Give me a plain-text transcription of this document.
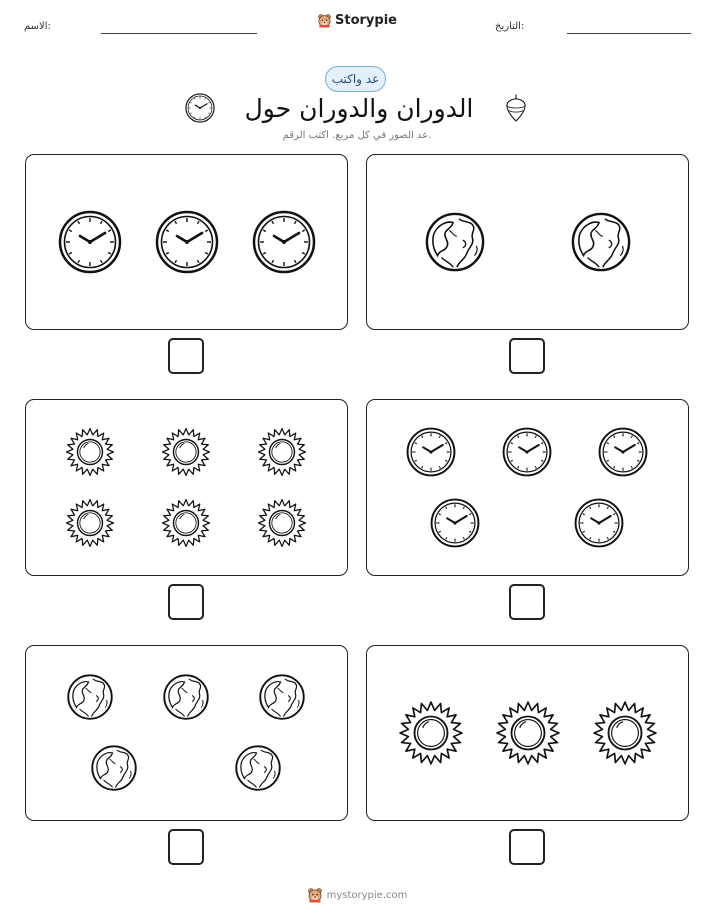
الاسم:	Storypie	التاريخ:
عد واكتب
الدوران والدوران حول
عد الصور في كل مربع. اكتب الرقم.
mystorypie.com
